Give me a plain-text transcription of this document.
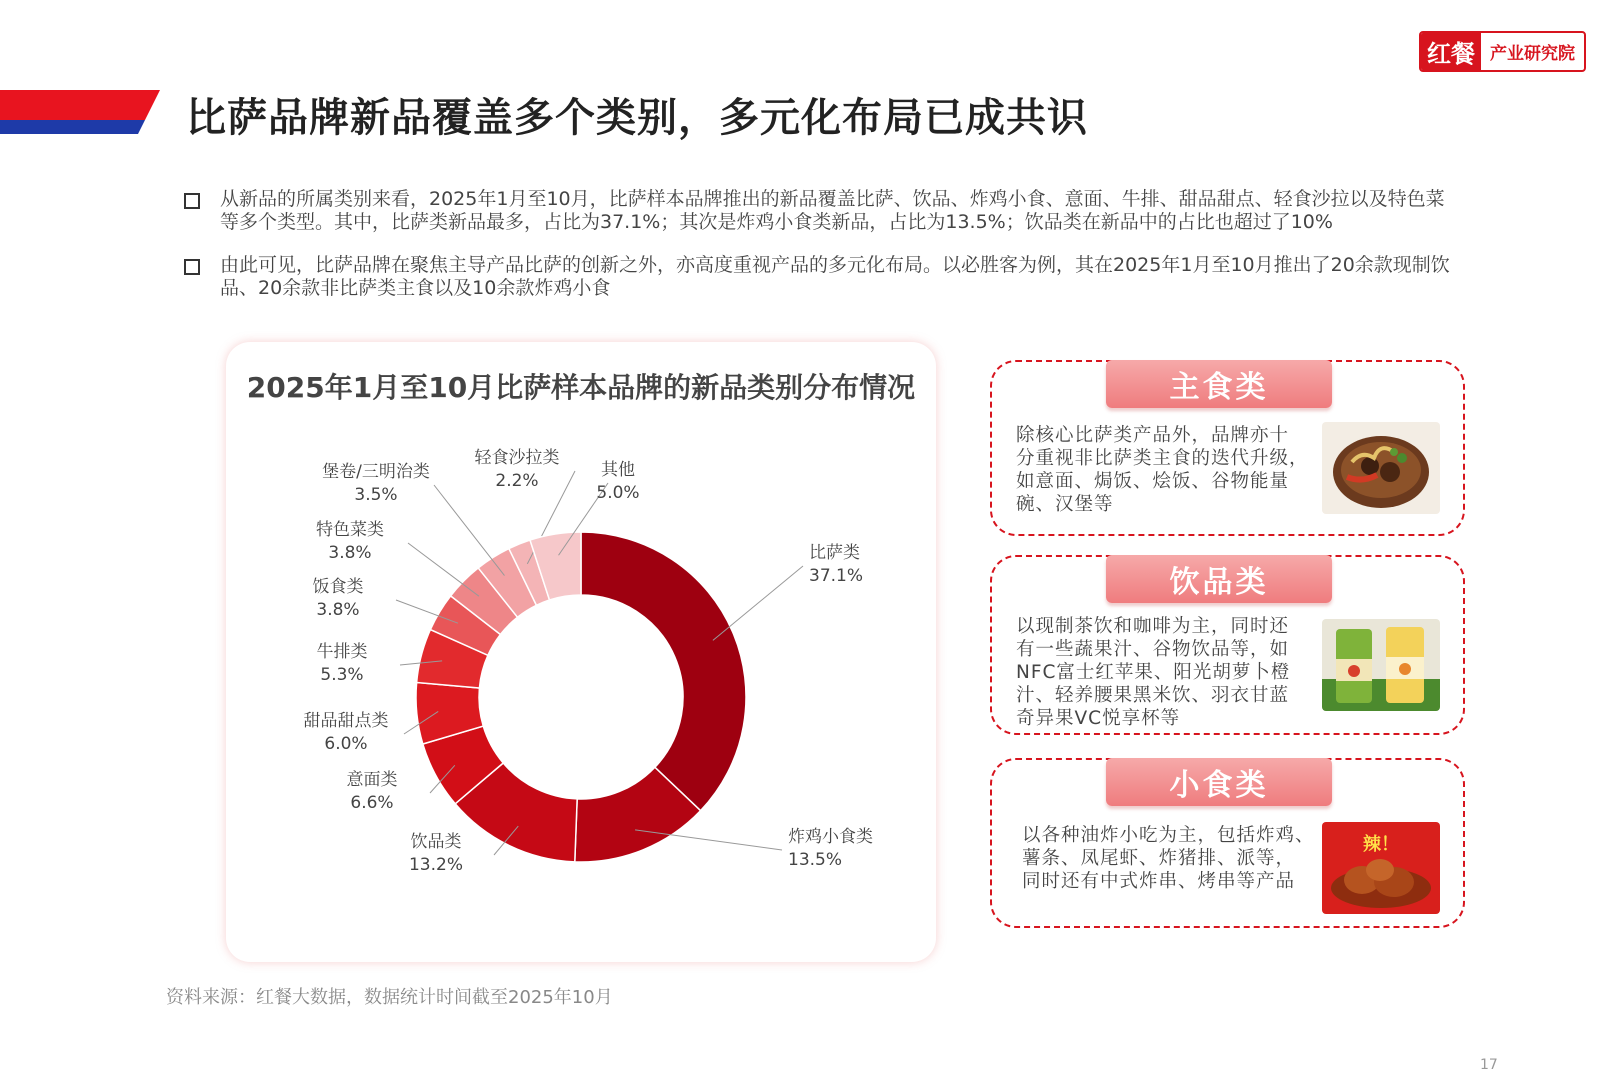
红餐 产业研究院
比萨品牌新品覆盖多个类别，多元化布局已成共识
从新品的所属类别来看，2025年1月至10月，比萨样本品牌推出的新品覆盖比萨、饮品、炸鸡小食、意面、牛排、甜品甜点、轻食沙拉以及特色菜等多个类型。其中，比萨类新品最多，占比为37.1%；其次是炸鸡小食类新品，占比为13.5%；饮品类在新品中的占比也超过了10%
由此可见，比萨品牌在聚焦主导产品比萨的创新之外，亦高度重视产品的多元化布局。以必胜客为例，其在2025年1月至10月推出了20余款现制饮品、20余款非比萨类主食以及10余款炸鸡小食
2025年1月至10月比萨样本品牌的新品类别分布情况
比萨类
37.1%
炸鸡小食类
13.5%
饮品类
13.2%
意面类
6.6%
甜品甜点类
6.0%
牛排类
5.3%
饭食类
3.8%
特色菜类
3.8%
堡卷/三明治类
3.5%
轻食沙拉类
2.2%
其他
5.0%
主食类
除核心比萨类产品外，品牌亦十
分重视非比萨类主食的迭代升级，
如意面、焗饭、烩饭、谷物能量
碗、汉堡等
饮品类
以现制茶饮和咖啡为主，同时还
有一些蔬果汁、谷物饮品等，如
NFC富士红苹果、阳光胡萝卜橙
汁、轻养腰果黑米饮、羽衣甘蓝
奇异果VC悦享杯等
小食类
以各种油炸小吃为主，包括炸鸡、
薯条、凤尾虾、炸猪排、派等，
同时还有中式炸串、烤串等产品
辣！
资料来源：红餐大数据，数据统计时间截至2025年10月
17
